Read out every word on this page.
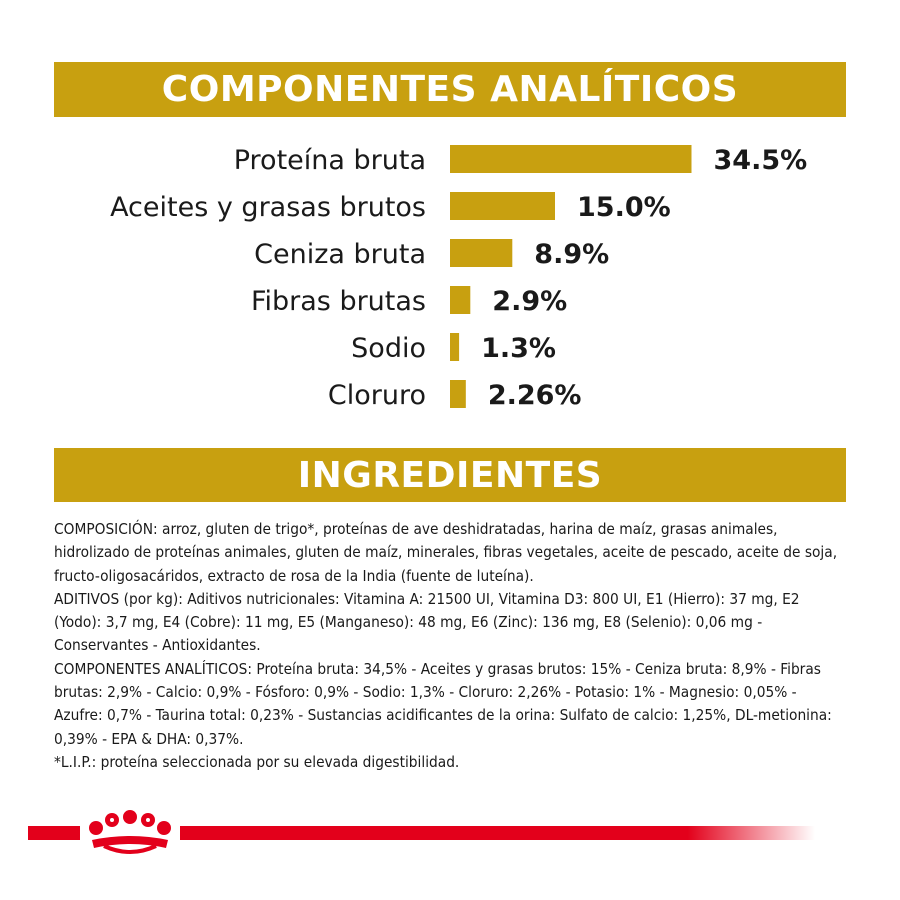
COMPONENTES ANALÍTICOS
Proteína bruta	34.5%
Aceites y grasas brutos	15.0%
Ceniza bruta	8.9%
Fibras brutas 2.9%
Sodio 1.3%
Cloruro 2.26%
INGREDIENTES

COMPOSICIÓN: arroz, gluten de trigo*, proteínas de ave deshidratadas, harina de maíz, grasas animales, hidrolizado de proteínas animales, gluten de maíz, minerales, fibras vegetales, aceite de pescado, aceite de soja, fructo-oligosacáridos, extracto de rosa de la India (fuente de luteína).

ADITIVOS (por kg): Aditivos nutricionales: Vitamina A: 21500 UI, Vitamina D3: 800 UI, E1 (Hierro): 37 mg, E2 (Yodo): 3,7 mg, E4 (Cobre): 11 mg, E5 (Manganeso): 48 mg, E6 (Zinc): 136 mg, E8 (Selenio): 0,06 mg - Conservantes - Antioxidantes.

COMPONENTES ANALÍTICOS: Proteína bruta: 34,5% - Aceites y grasas brutos: 15% - Ceniza bruta: 8,9% - Fibras brutas: 2,9% - Calcio: 0,9% - Fósforo: 0,9% - Sodio: 1,3% - Cloruro: 2,26% - Potasio: 1% - Magnesio: 0,05% - Azufre: 0,7% - Taurina total: 0,23% - Sustancias acidificantes de la orina: Sulfato de calcio: 1,25%, DL-metionina: 0,39% - EPA & DHA: 0,37%.

*L.I.P.: proteína seleccionada por su elevada digestibilidad.
